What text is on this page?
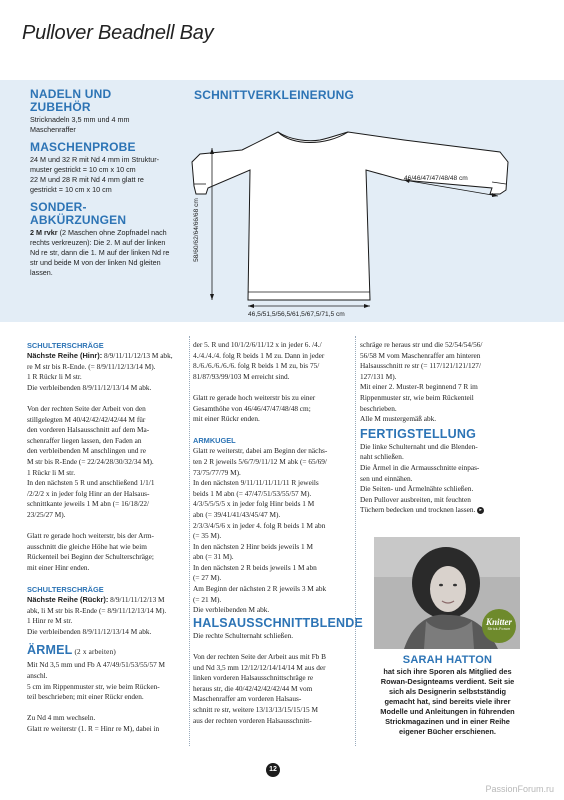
Pullover Beadnell Bay
NADELN UND
ZUBEHÖR
Stricknadeln 3,5 mm und 4 mm
Maschenraffer
MASCHENPROBE
24 M und 32 R mit Nd 4 mm im Struktur-
muster gestrickt = 10 cm x 10 cm
22 M und 28 R mit Nd 4 mm glatt re
gestrickt = 10 cm x 10 cm
SONDER-
ABKÜRZUNGEN
2 M rvkr (2 Maschen ohne Zopfnadel nach
rechts verkreuzen): Die 2. M auf der linken
Nd re str, dann die 1. M auf der linken Nd re
str und beide M von der linken Nd gleiten
lassen.
SCHNITTVERKLEINERUNG
46/46/47/47/48/48 cm
58/60/62/64/66/68 cm
46,5/51,5/56,5/61,5/67,5/71,5 cm
SCHULTERSCHRÄGE

Nächste Reihe (Hinr): 8/9/11/11/12/13 M abk,

re M str bis R-Ende. (= 8/9/11/12/13/14 M).

1 R Rückr li M str.

Die verbleibenden 8/9/11/12/13/14 M abk.

Von der rechten Seite der Arbeit von den

stillgelegten M 40/42/42/42/42/44 M für

den vorderen Halsausschnitt auf dem Ma-

schenraffer liegen lassen, den Faden an

den verbleibenden M anschlingen und re

M str bis R-Ende (= 22/24/28/30/32/34 M).

1 Rückr li M str.

In den nächsten 5 R und anschließend 1/1/1

/2/2/2 x in jeder folg Hinr an der Halsaus-

schnittkante jeweils 1 M abn (= 16/18/22/

23/25/27 M).

Glatt re gerade hoch weiterstr, bis der Arm-

ausschnitt die gleiche Höhe hat wie beim

Rückenteil bei Beginn der Schulterschräge;

mit einer Hinr enden.

SCHULTERSCHRÄGE

Nächste Reihe (Rückr): 8/9/11/11/12/13 M

abk, li M str bis R-Ende (= 8/9/11/12/13/14 M).

1 Hinr re M str.

Die verbleibenden 8/9/11/12/13/14 M abk.

ÄRMEL (2 x arbeiten)

Mit Nd 3,5 mm und Fb A 47/49/51/53/55/57 M

anschl.

5 cm im Rippenmuster str, wie beim Rücken-

teil beschrieben; mit einer Rückr enden.

Zu Nd 4 mm wechseln.

Glatt re weiterstr (1. R = Hinr re M), dabei in

der 5. R und 10/1/2/6/11/12 x in jeder 6. /4./

4./4./4./4. folg R beids 1 M zu. Dann in jeder

8./6./6./6./6./6. folg R beids 1 M zu, bis 75/

81/87/93/99/103 M erreicht sind.

Glatt re gerade hoch weiterstr bis zu einer

Gesamthöhe von 46/46/47/47/48/48 cm;

mit einer Rückr enden.

ARMKUGEL

Glatt re weiterstr, dabei am Beginn der nächs-

ten 2 R jeweils 5/6/7/9/11/12 M abk (= 65/69/

73/75/77/79 M).

In den nächsten 9/11/11/11/11/11 R jeweils

beids 1 M abn (= 47/47/51/53/55/57 M).

4/3/5/5/5/5 x in jeder folg Hinr beids 1 M

abn (= 39/41/41/43/45/47 M).

2/3/3/4/5/6 x in jeder 4. folg R beids 1 M abn

(= 35 M).

In den nächsten 2 Hinr beids jeweils 1 M

abn (= 31 M).

In den nächsten 2 R beids jeweils 1 M abn

(= 27 M).

Am Beginn der nächsten 2 R jeweils 3 M abk

(= 21 M).

Die verbleibenden M abk.

HALSAUSSCHNITTBLENDE

Die rechte Schulternaht schließen.

Von der rechten Seite der Arbeit aus mit Fb B

und Nd 3,5 mm 12/12/12/14/14/14 M aus der

linken vorderen Halsausschnittschräge re

heraus str, die 40/42/42/42/42/44 M vom

Maschenraffer am vorderen Halsaus-

schnitt re str, weitere 13/13/13/15/15/15 M

aus der rechten vorderen Halsausschnitt-

schräge re heraus str und die 52/54/54/56/

56/58 M vom Maschenraffer am hinteren

Halsausschnitt re str (= 117/121/121/127/

127/131 M).

Mit einer 2. Muster-R beginnend 7 R im

Rippenmuster str, wie beim Rückenteil

beschrieben.

Alle M mustergemäß abk.

FERTIGSTELLUNG

Die linke Schulternaht und die Blenden-

naht schließen.

Die Ärmel in die Armausschnitte einpas-

sen und einnähen.

Die Seiten- und Ärmelnähte schließen.

Den Pullover ausbreiten, mit feuchten

Tüchern bedecken und trocknen lassen. ▸

Knitter
Strick-Forum
SARAH HATTON
hat sich ihre Sporen als Mitglied des
Rowan-Designteams verdient. Seit sie
sich als Designerin selbstständig
gemacht hat, sind bereits viele ihrer
Modelle und Anleitungen in führenden
Strickmagazinen und in einer Reihe
eigener Bücher erschienen.
12
PassionForum.ru
